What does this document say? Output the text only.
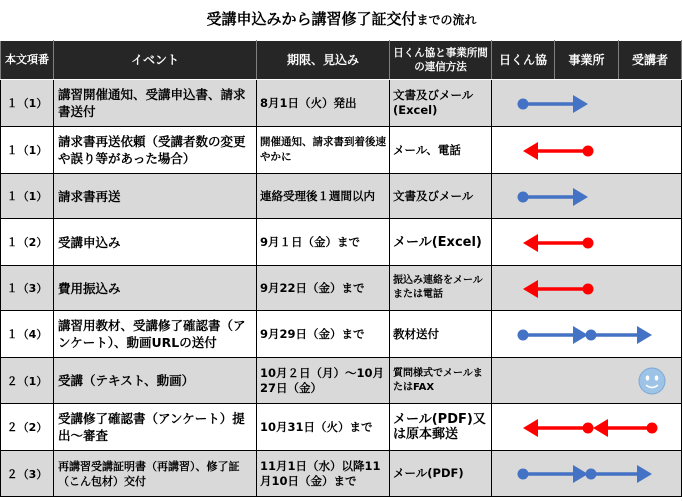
受講申込みから講習修了証交付までの流れ
本文項番	イベント	期限、見込み	日くん協と事業所間の連信方法	日くん協	事業所	受講者
１（1）	講習開催通知、受講申込書、請求書送付	8月1日（火）発出	文書及びメール(Excel)	

１（1）	請求書再送依頼（受講者数の変更や誤り等があった場合）	開催通知、請求書到着後速やかに	メール、電話	

１（1）	請求書再送	連絡受理後１週間以内	文書及びメール	

１（2）	受講申込み	9月１日（金）まで	メール(Excel)	

１（3）	費用振込み	9月22日（金）まで	振込み連絡をメールまたは電話	

１（4）	講習用教材、受講修了確認書（アンケート）、動画URLの送付	9月29日（金）まで	教材送付	

２（1）	受講（テキスト、動画）	10月２日（月）～10月27日（金）	質問様式でメールまたはFAX	

２（2）	受講修了確認書（アンケート）提出～審査	10月31日（火）まで	メール(PDF)又は原本郵送	

２（3）	再講習受講証明書（再講習）、修了証（こん包材）交付	11月1日（水）以降11月10日（金）まで	メール(PDF)	
